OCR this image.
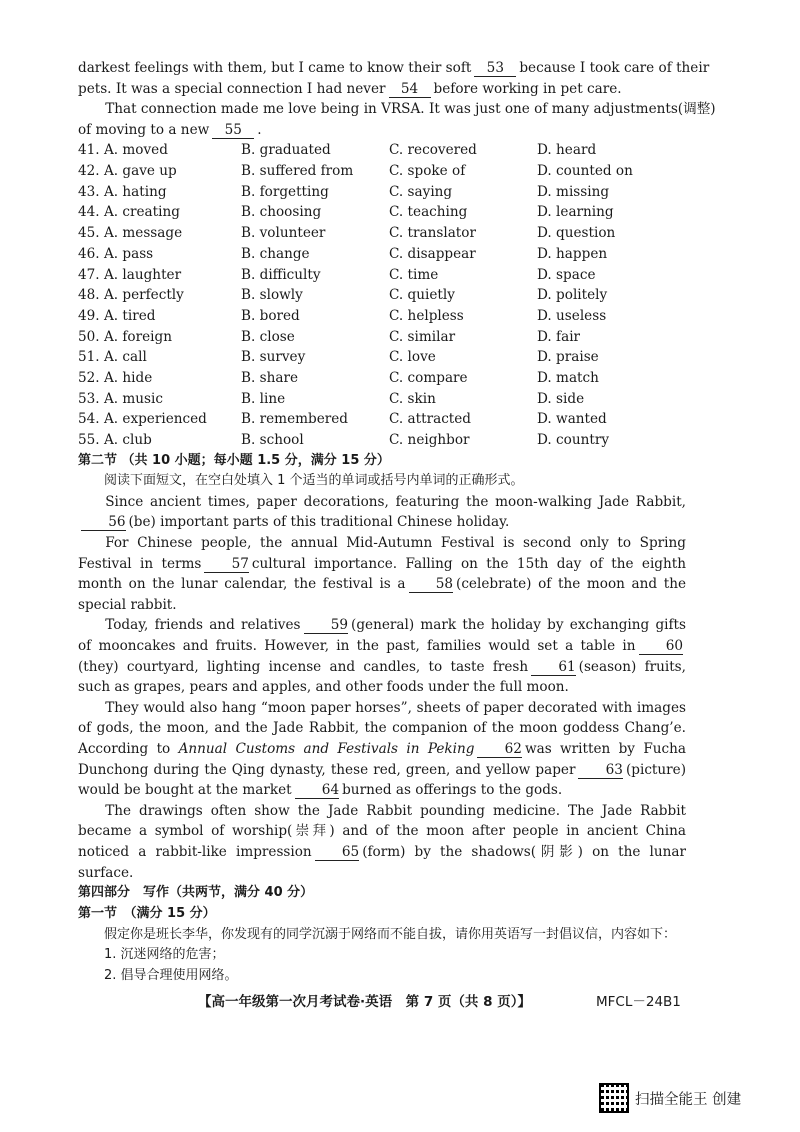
darkest feelings with them, but I came to know their soft 53 because I took care of their
pets. It was a special connection I had never 54 before working in pet care.
That connection made me love being in VRSA. It was just one of many adjustments(调整)
of moving to a new 55 .
41. A. moved	B. graduated	C. recovered	D. heard
42. A. gave up	B. suffered from	C. spoke of	D. counted on
43. A. hating	B. forgetting	C. saying	D. missing
44. A. creating	B. choosing	C. teaching	D. learning
45. A. message	B. volunteer	C. translator	D. question
46. A. pass	B. change	C. disappear	D. happen
47. A. laughter	B. difficulty	C. time	D. space
48. A. perfectly	B. slowly	C. quietly	D. politely
49. A. tired	B. bored	C. helpless	D. useless
50. A. foreign	B. close	C. similar	D. fair
51. A. call	B. survey	C. love	D. praise
52. A. hide	B. share	C. compare	D. match
53. A. music	B. line	C. skin	D. side
54. A. experienced	B. remembered	C. attracted	D. wanted
55. A. club	B. school	C. neighbor	D. country
第二节 （共 10 小题；每小题 1.5 分，满分 15 分）
阅读下面短文，在空白处填入 1 个适当的单词或括号内单词的正确形式。

Since ancient times, paper decorations, featuring the moon-walking Jade Rabbit,56 (be) important parts of this traditional Chinese holiday.

For Chinese people, the annual Mid-Autumn Festival is second only to Spring Festival in terms 57 cultural importance. Falling on the 15th day of the eighth month on the lunar calendar, the festival is a 58 (celebrate) of the moon and the special rabbit.

Today, friends and relatives 59 (general) mark the holiday by exchanging gifts of mooncakes and fruits. However, in the past, families would set a table in 60(they) courtyard, lighting incense and candles, to taste fresh 61 (season) fruits, such as grapes, pears and apples, and other foods under the full moon.

They would also hang “moon paper horses”, sheets of paper decorated with images of gods, the moon, and the Jade Rabbit, the companion of the moon goddess Chang’e. According to Annual Customs and Festivals in Peking 62 was written by Fucha Dunchong during the Qing dynasty, these red, green, and yellow paper 63 (picture) would be bought at the market 64 burned as offerings to the gods.

The drawings often show the Jade Rabbit pounding medicine. The Jade Rabbit became a symbol of worship(崇拜) and of the moon after people in ancient China noticed a rabbit-like impression 65 (form) by the shadows(阴影) on the lunar surface.

第四部分　写作（共两节，满分 40 分）
第一节　（满分 15 分）
假定你是班长李华，你发现有的同学沉溺于网络而不能自拔，请你用英语写一封倡议信，内容如下：
1. 沉迷网络的危害；
2. 倡导合理使用网络。
【高一年级第一次月考试卷·英语　第 7 页（共 8 页）】	MFCL－24B1
扫描全能王 创建
